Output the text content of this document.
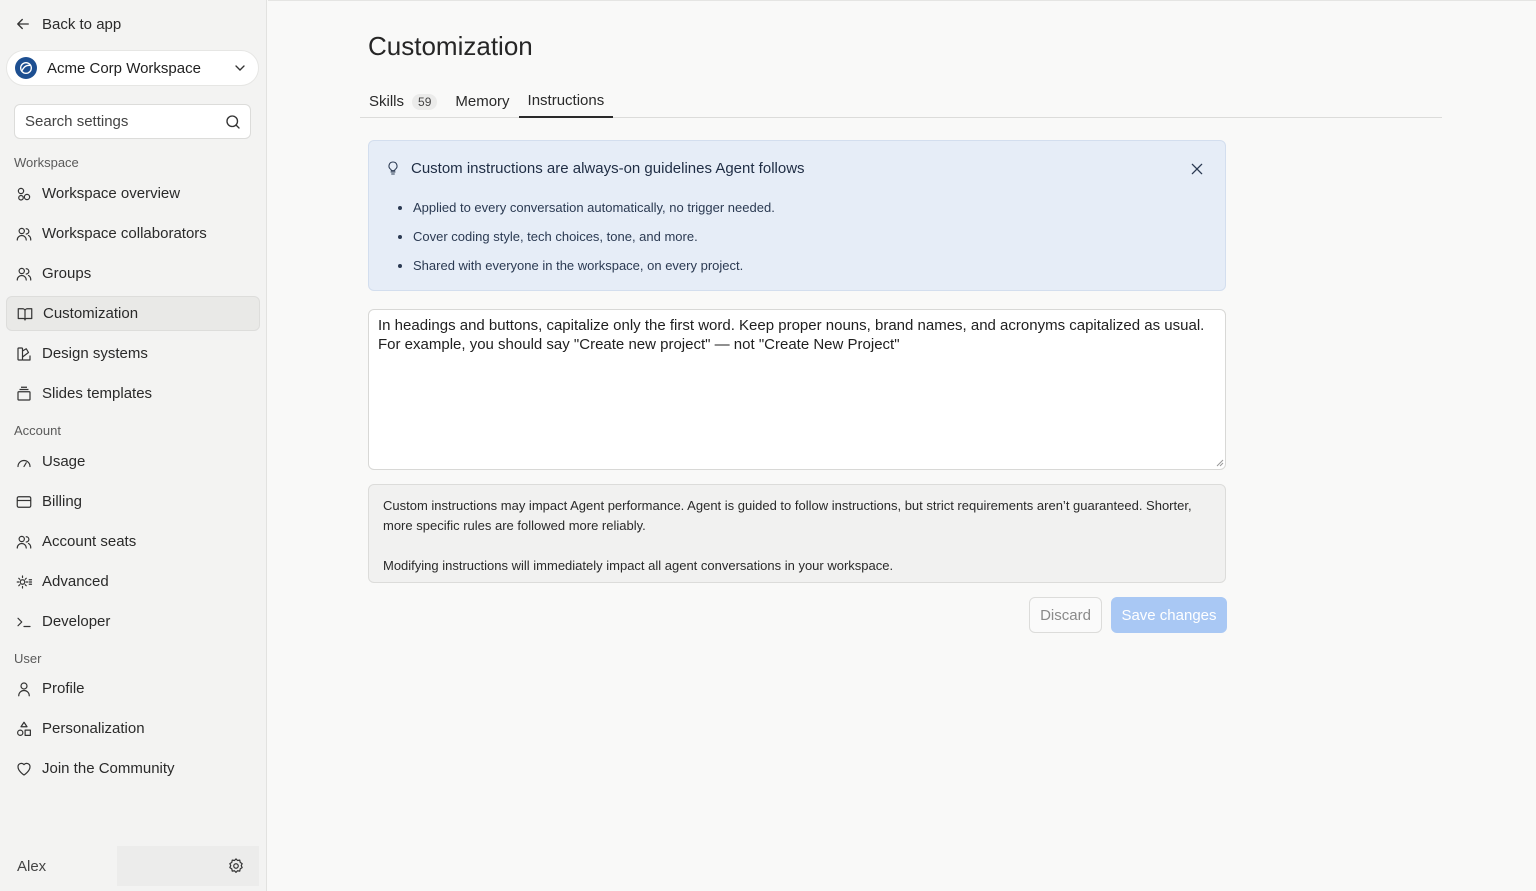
Back to app
Acme Corp Workspace
Search settings
Workspace
Workspace overview
Workspace collaborators
Groups
Customization
Design systems
Slides templates
Account
Usage
Billing
Account seats
Advanced
Developer
User
Profile
Personalization
Join the Community
Alex
Customization
Skills	59	Memory Instructions
Custom instructions are always-on guidelines Agent follows
• Applied to every conversation automatically, no trigger needed.
• Cover coding style, tech choices, tone, and more.
• Shared with everyone in the workspace, on every project.
In headings and buttons, capitalize only the first word. Keep proper nouns, brand names, and acronyms capitalized as usual. For example, you should say "Create new project" — not "Create New Project"

Custom instructions may impact Agent performance. Agent is guided to follow instructions, but strict requirements aren’t guaranteed. Shorter, more specific rules are followed more reliably.

Modifying instructions will immediately impact all agent conversations in your workspace.

Discard	Save changes
